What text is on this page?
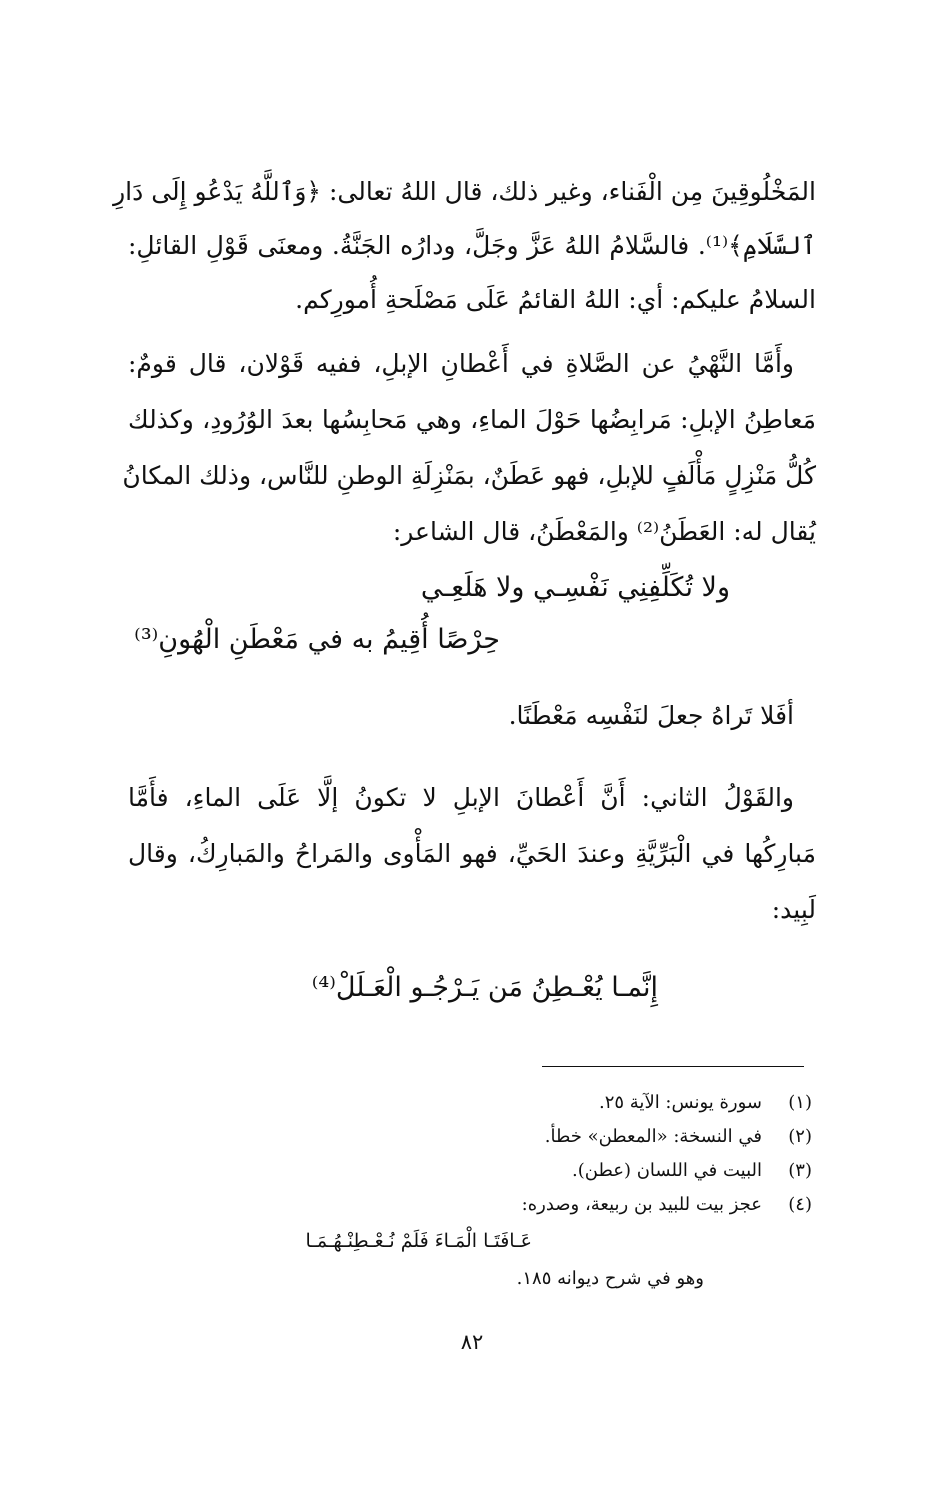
المَخْلُوقِينَ مِن الْفَناء، وغير ذلك، قال اللهُ تعالى: ﴿وَٱللَّهُ يَدْعُو إِلَى دَارِ
ٱلسَّلَامِ﴾⁽¹⁾. فالسَّلامُ اللهُ عَزَّ وجَلَّ، ودارُه الجَنَّةُ. ومعنَى قَوْلِ القائلِ:
السلامُ عليكم: أي: اللهُ القائمُ عَلَى مَصْلَحةِ أُمورِكم.
وأَمَّا النَّهْيُ عن الصَّلاةِ في أَعْطانِ الإبلِ، ففيه قَوْلان، قال قومٌ:
مَعاطِنُ الإبلِ: مَرابِضُها حَوْلَ الماءِ، وهي مَحابِسُها بعدَ الوُرُودِ، وكذلك
كُلُّ مَنْزِلٍ مَأْلَفٍ للإبلِ، فهو عَطَنٌ، بمَنْزِلَةِ الوطنِ للنَّاس، وذلك المكانُ
يُقال له: العَطَنُ⁽²⁾ والمَعْطَنُ، قال الشاعر:
ولا تُكَلِّفِنِي نَفْسِـي ولا هَلَعِـي
حِرْصًا أُقِيمُ به في مَعْطَنِ الْهُونِ⁽³⁾
أفَلا تَراهُ جعلَ لنَفْسِه مَعْطَنًا.
والقَوْلُ الثاني: أَنَّ أَعْطانَ الإبلِ لا تكونُ إلَّا عَلَى الماءِ، فأَمَّا
مَبارِكُها في الْبَرِّيَّةِ وعندَ الحَيِّ، فهو المَأْوى والمَراحُ والمَبارِكُ، وقال
لَبِيد:
إِنَّمـا يُعْـطِنُ مَن يَـرْجُـو الْعَـلَلْ⁽⁴⁾
(١)سورة يونس: الآية ٢٥.
(٢)في النسخة: «المعطن» خطأ.
(٣)البيت في اللسان (عطن).
(٤)عجز بيت للبيد بن ربيعة، وصدره:
عَـافَتَـا الْمَـاءَ فَلَمْ نُـعْـطِنْـهُـمَـا
وهو في شرح ديوانه ١٨٥.
٨٢
